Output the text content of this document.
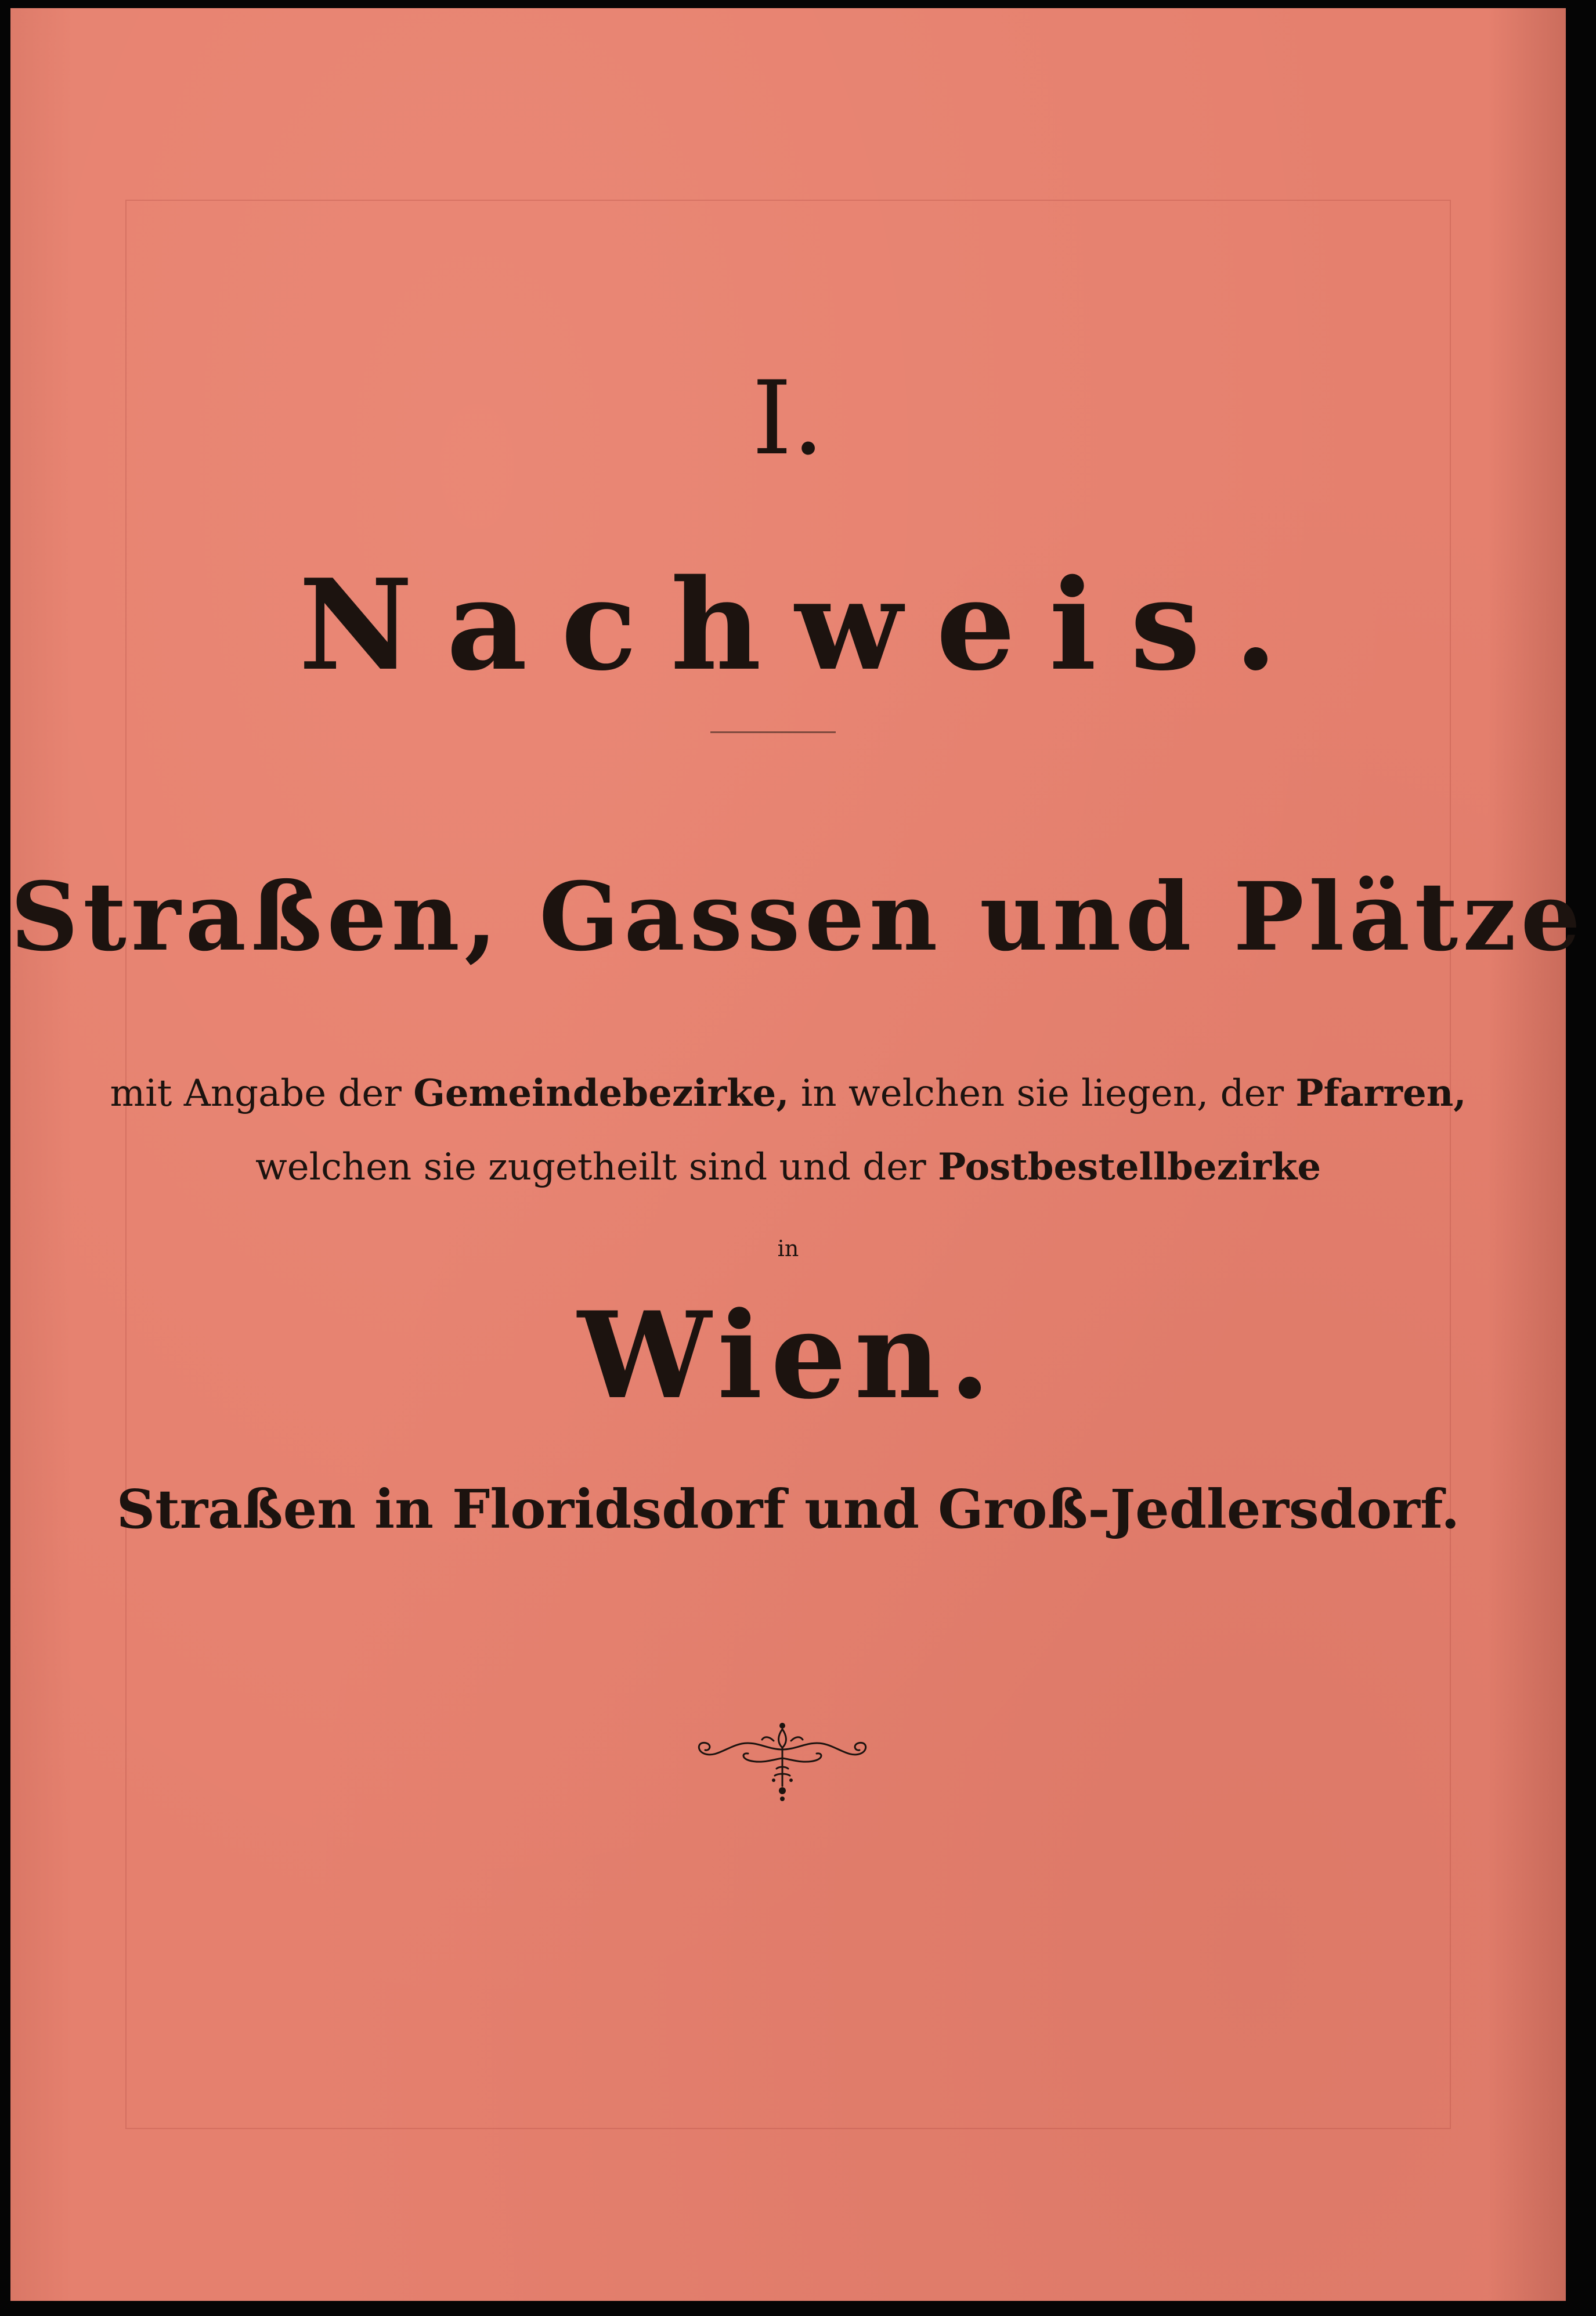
I.
Nachweis.
Straßen, Gassen und Plätze
mit Angabe der Gemeindebezirke, in welchen sie liegen, der Pfarren,
welchen sie zugetheilt sind und der Postbestellbezirke
in
Wien.
Straßen in Floridsdorf und Groß-Jedlersdorf.
